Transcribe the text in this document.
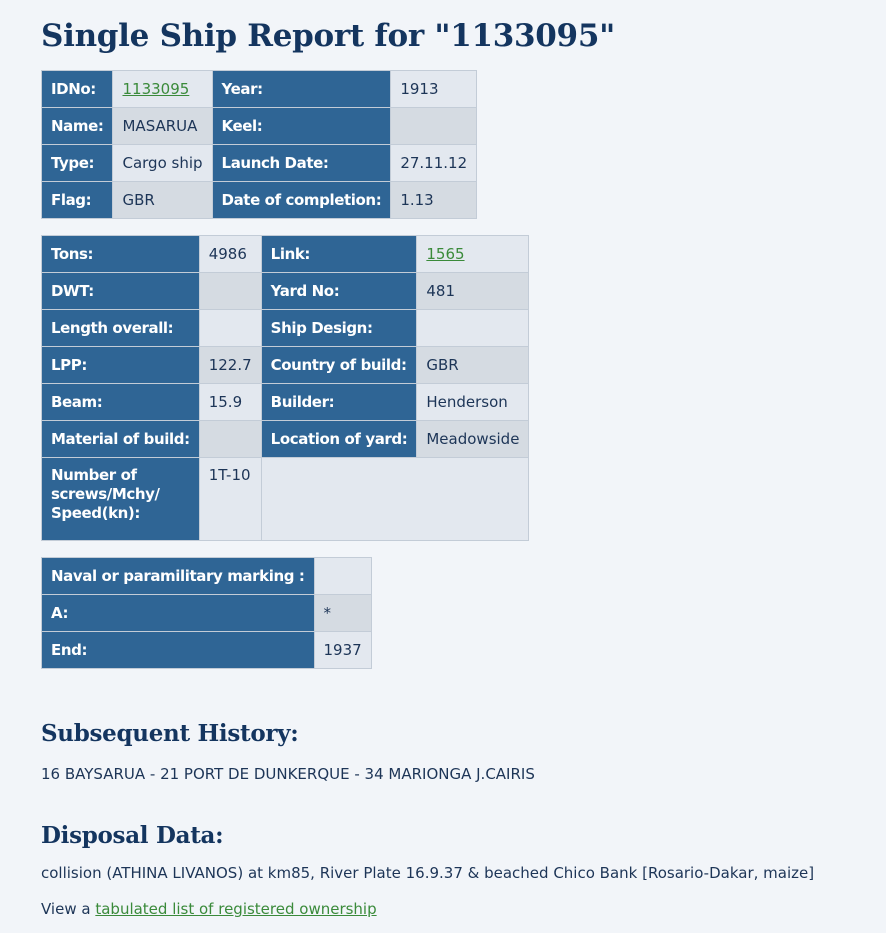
Single Ship Report for "1133095"
IDNo:	1133095	Year:	1913
Name:	MASARUA	Keel:	
Type:	Cargo ship	Launch Date:	27.11.12
Flag:	GBR	Date of completion:	1.13
Tons:	4986	Link:	1565
DWT:		Yard No:	481
Length overall:		Ship Design:	
LPP:	122.7	Country of build:	GBR
Beam:	15.9	Builder:	Henderson
Material of build:		Location of yard:	Meadowside
Number of screws/Mchy/ Speed(kn):	1T-10		
Naval or paramilitary marking :	
A:	*
End:	1937
Subsequent History:

16 BAYSARUA - 21 PORT DE DUNKERQUE - 34 MARIONGA J.CAIRIS

Disposal Data:

collision (ATHINA LIVANOS) at km85, River Plate 16.9.37 & beached Chico Bank [Rosario-Dakar, maize]

View a tabulated list of registered ownership
